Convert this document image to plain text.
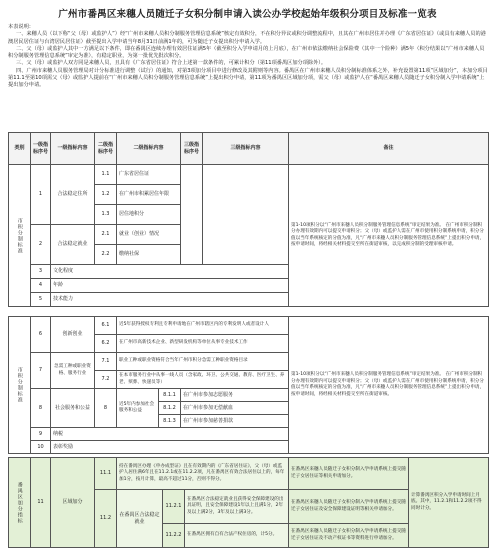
广州市番禺区来穗人员随迁子女积分制申请入读公办学校起始年级积分项目及标准一览表

本表说明：

一、来穗人员（以下称“父（母）或监护人”）经“广州市来穗人员积分制服务管理信息系统”核定有效积分，不在积分异议或积分调整流程中，且其在广州市居住并办理《广东省居住证》（或具有来穗人员的港澳居民居住证与台湾居民居住证）截至提出入学申请当年8月31日前满1年的，可为随迁子女提出积分申请入学。

二、父（母）或监护人其中一方满足以下条件，即在番禺区连续办理有效居住证满5年（截至积分入学申请月的上月底），在广州市依法缴纳社会保险费（其中一个险种）满5年（积分结果以“广州市来穗人员积分制服务管理信息系统”审定为准），有稳定职业，为第一批优先批次积分。

三、父（母）或监护人双方同是来穗人员，且具有《广东省居住证》符合上述第一款条件的，可累计积分（第11项番禺区加分项除外）。

四、广州市来穗人员服务管理局对计分标准进行调整（试行）的通知，对第3项加分项目中进行修改及其附则等内容。番禺区在广州市来穗人员积分制标准体系之外，补充设置第11项“区域加分”，本加分项目第11.1至第10项需父（母）或监护人提前在“广州市来穗人员积分制服务管理信息系统”上提出积分申请，第11项为番禺区区域加分项，需父（母）或监护人在“番禺区来穗人员随迁子女积分制入学申请系统”上提出加分申请。

类别	一级指标序号	一级指标内容	二级指标序号	二级指标内容	三级指标序号	三级指标内容	备注
市积分制标准	1	合法稳定住所	1.1	广东省居住证			第1-10项积分以“广州市来穗人员积分制服务管理信息系统”审定结果为准。 在广州市积分制积分办理有效期内可以提交申请积分；父（母）或监护人需在广州市使用积分制系统申请，积分分值以当年系统核定的分值为准，凡“广州市来穗人员积分制服务管理信息系统”上提出积分申请，按申请时间，将经相关材料提交至所在街道审核，以完成积分制的受理审核申请。
			1.2	在广州市积累居住年限			
			1.3	居住地积分			
	2	合法稳定就业	2.1	就业（创业）情况			
			2.2	缴纳社保			
	3	文化程度					
	4	年龄					
	5	技术能力					
市积分制标准	6	创新创业	6.1	近5年获得授权专利且专利申请地在广州市辖区内的专利发明人或者设计人			第1-10项积分以“广州市来穗人员积分制服务管理信息系统”审定结果为准。 在广州市积分制积分办理有效期内可以提交申请积分；父（母）或监护人需在广州市使用积分制系统申请，积分分值以当年系统核定的分值为准，凡“广州市来穗人员积分制服务管理信息系统”上提出积分申请，按申请时间，将经相关材料提交至所在街道审核。
			6.2	在广州市高新技术企业、新型研发机构等单位从事专业技术工作			
	7	急需工种或职业资格、服务行业	7.1	职业工种或职业资格符合当年广州市积分急需工种职业资格目录			
			7.2	在本市服务行业中从事一线人员（含家政、环卫、公共交通、教育、医疗卫生、养老、殡葬、快递员等）			
	8	社会服务和公益	8	近5年内参加社会服务和公益	8.1.1	在广州市参加志愿服务	
					8.1.2	在广州市参加无偿献血	
					8.1.3	在广州市参加慈善捐款	
	9	纳税					
	10	表彰奖励					
番禺区加分指标	11	区域加分	11.1	持在番禺区办理《申办成型证》且在有效期内的《广东省居住证》，父（母）或监护人居住满6年且在11.2.1或在11.2.2项，凡在番禺区有效合法居住以上的，每年加1分，按月计算，最高不超过11分，否则不得分。			在番禺区来穗人员随迁子女积分制入学申请系统上提交随迁子女居住证等相关申请加分。	计算番禺区积分入学申请时间上月底。其中，11.2.1和11.2.2项不得同时计分。
			11.2	在番禺区合法稳定就业	11.2.1	在番禺区合法稳定就业且获得安全保障建设的出具证明，且安全保障建设1年以上且满1分，2年及以上满2分，3年及以上满3分。	在番禺区来穗人员随迁子女积分制入学申请系统上提交随迁子女居住证及安全保障建设证明等相关申请加分。	
					11.2.2	在番禺区拥有自有合法产权住房的，计5分。	在番禺区来穗人员随迁子女积分制入学申请系统上提交随迁子女居住证及不动产权证书等资料进行申请加分。	
